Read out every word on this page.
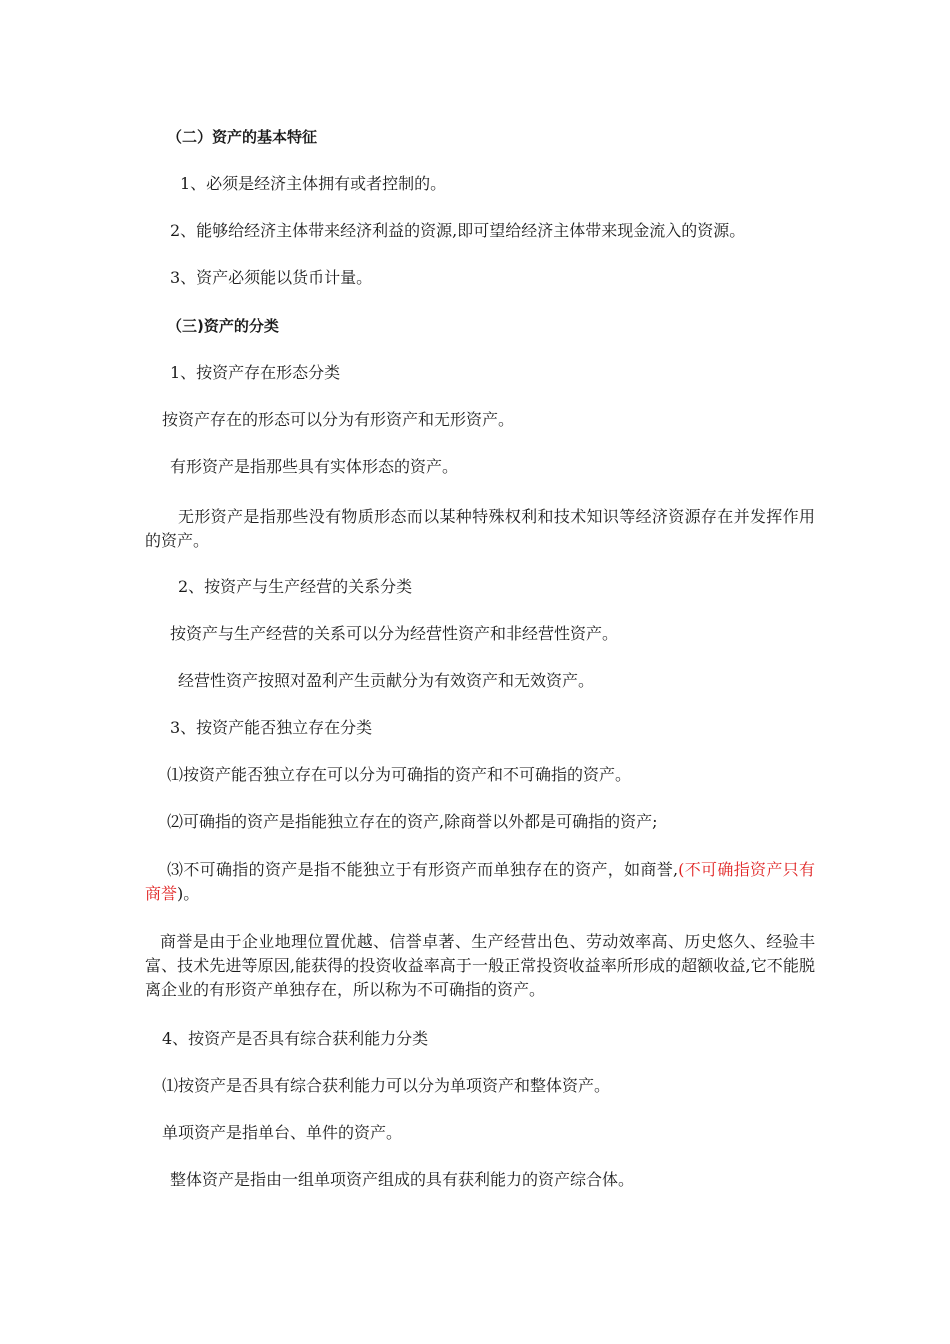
（二）资产的基本特征

1、必须是经济主体拥有或者控制的。

2、能够给经济主体带来经济利益的资源,即可望给经济主体带来现金流入的资源。

3、资产必须能以货币计量。

（三)资产的分类

1、按资产存在形态分类

按资产存在的形态可以分为有形资产和无形资产。

有形资产是指那些具有实体形态的资产。

无形资产是指那些没有物质形态而以某种特殊权利和技术知识等经济资源存在并发挥作用的资产。

2、按资产与生产经营的关系分类

按资产与生产经营的关系可以分为经营性资产和非经营性资产。

经营性资产按照对盈利产生贡献分为有效资产和无效资产。

3、按资产能否独立存在分类

⑴按资产能否独立存在可以分为可确指的资产和不可确指的资产。

⑵可确指的资产是指能独立存在的资产,除商誉以外都是可确指的资产;

⑶不可确指的资产是指不能独立于有形资产而单独存在的资产，如商誉,(不可确指资产只有商誉)。

商誉是由于企业地理位置优越、信誉卓著、生产经营出色、劳动效率高、历史悠久、经验丰富、技术先进等原因,能获得的投资收益率高于一般正常投资收益率所形成的超额收益,它不能脱离企业的有形资产单独存在，所以称为不可确指的资产。

4、按资产是否具有综合获利能力分类

⑴按资产是否具有综合获利能力可以分为单项资产和整体资产。

单项资产是指单台、单件的资产。

整体资产是指由一组单项资产组成的具有获利能力的资产综合体。
